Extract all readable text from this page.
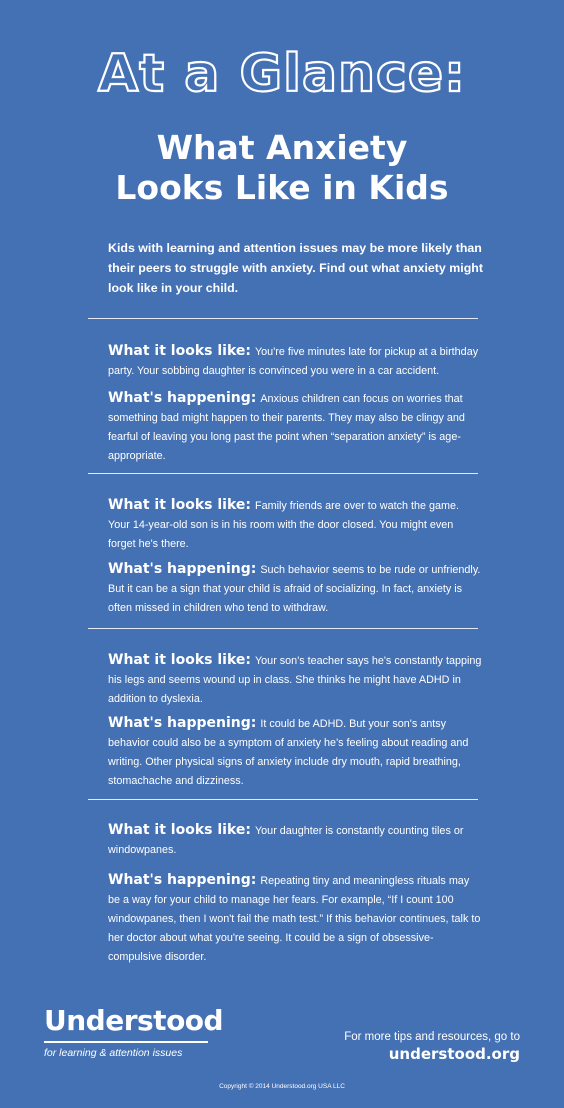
At a Glance:
What Anxiety
Looks Like in Kids
Kids with learning and attention issues may be more likely than their peers to struggle with anxiety. Find out what anxiety might look like in your child.
What it looks like: You're five minutes late for pickup at a birthday party. Your sobbing daughter is convinced you were in a car accident.
What's happening: Anxious children can focus on worries that something bad might happen to their parents. They may also be clingy and fearful of leaving you long past the point when “separation anxiety” is age-appropriate.
What it looks like: Family friends are over to watch the game. Your 14-year-old son is in his room with the door closed. You might even forget he's there.
What's happening: Such behavior seems to be rude or unfriendly. But it can be a sign that your child is afraid of socializing. In fact, anxiety is often missed in children who tend to withdraw.
What it looks like: Your son's teacher says he's constantly tapping his legs and seems wound up in class. She thinks he might have ADHD in addition to dyslexia.
What's happening: It could be ADHD. But your son's antsy behavior could also be a symptom of anxiety he's feeling about reading and writing. Other physical signs of anxiety include dry mouth, rapid breathing, stomachache and dizziness.
What it looks like: Your daughter is constantly counting tiles or windowpanes.
What's happening: Repeating tiny and meaningless rituals may be a way for your child to manage her fears. For example, “If I count 100 windowpanes, then I won't fail the math test.” If this behavior continues, talk to her doctor about what you're seeing. It could be a sign of obsessive-compulsive disorder.
Understood
for learning & attention issues
For more tips and resources, go to
understood.org
Copyright © 2014 Understood.org USA LLC
